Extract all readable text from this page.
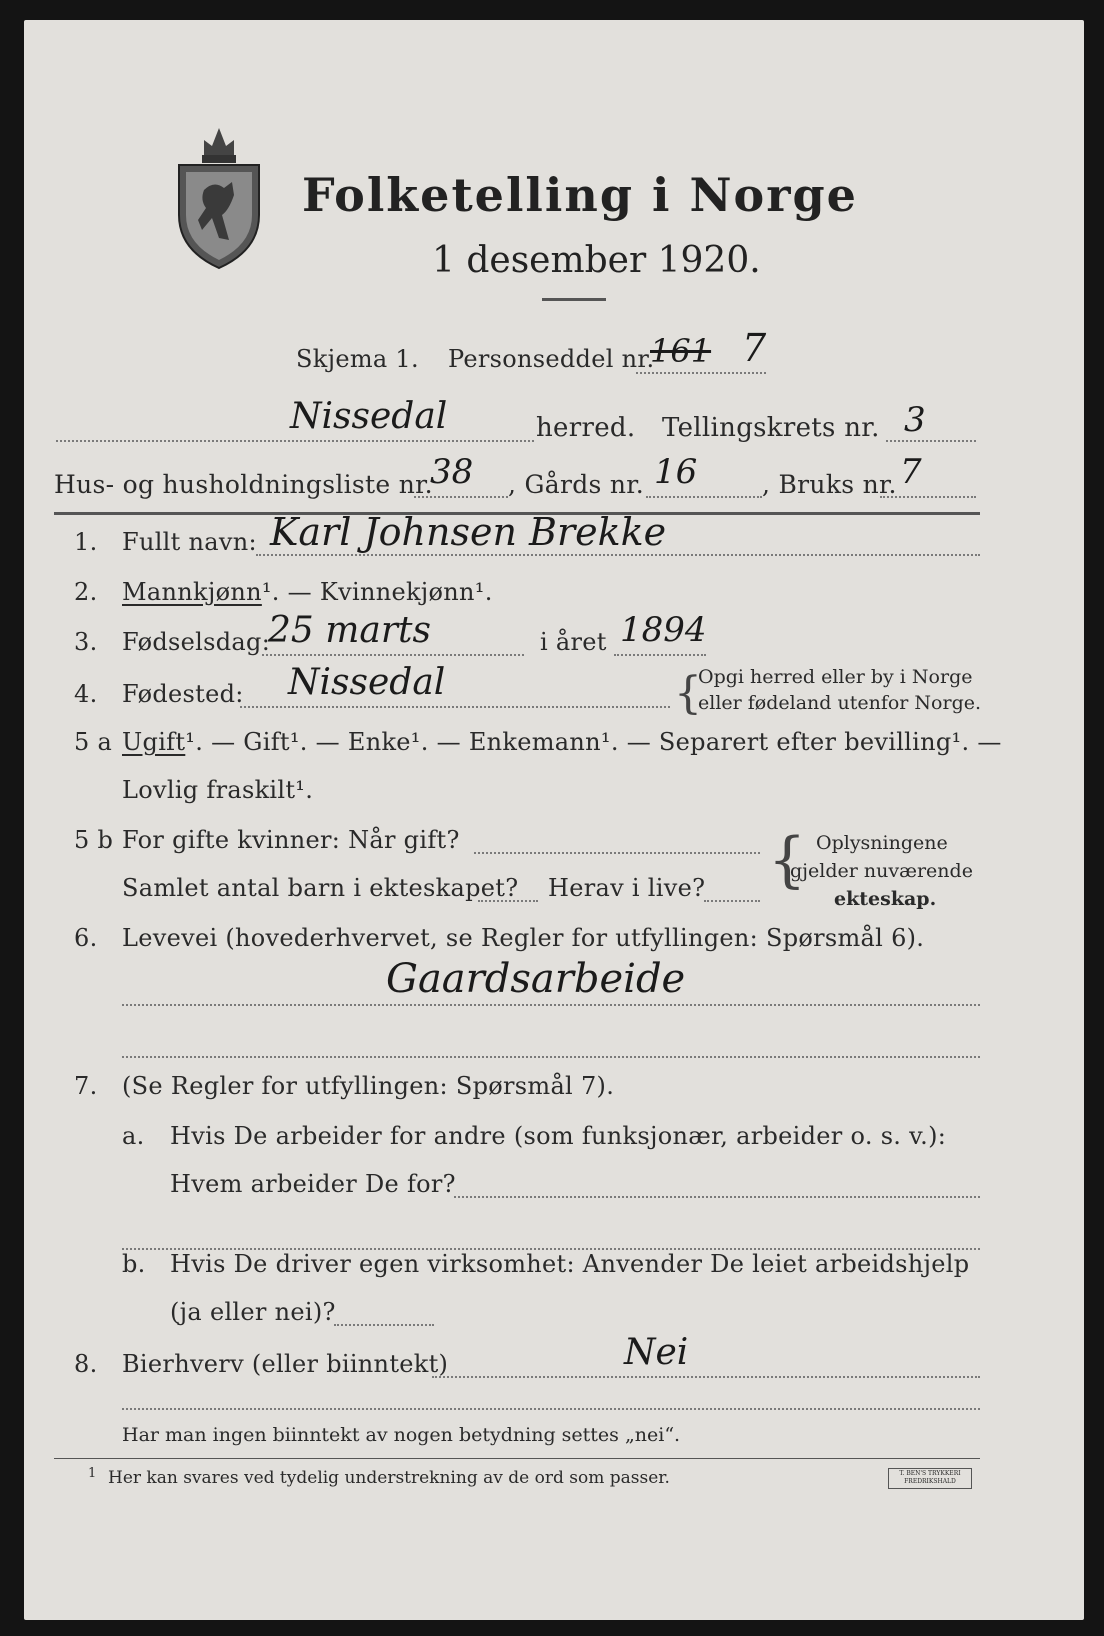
Folketelling i Norge
1 desember 1920.
Skjema 1. Personseddel nr.
161 7
Nissedal	herred. Tellingskrets nr. 3
Hus- og husholdningsliste nr.
38 , Gårds nr. 16	, Bruks nr. 7
1. Fullt navn: Karl Johnsen Brekke
2. Mannkjønn¹. — Kvinnekjønn¹.
3. Fødselsdag:
25 marts	i året 1894
4. Fødested: Nissedal	{
Opgi herred eller by i Norge
eller fødeland utenfor Norge.
5 a Ugift¹. — Gift¹. — Enke¹. — Enkemann¹. — Separert efter bevilling¹. —
Lovlig fraskilt¹.
5 b For gifte kvinner: Når gift?
Samlet antal barn i ekteskapet? Herav i live? { Oplysningene
gjelder nuværende
ekteskap.
6. Levevei (hovederhvervet, se Regler for utfyllingen: Spørsmål 6).
Gaardsarbeide
7. (Se Regler for utfyllingen: Spørsmål 7).
a. Hvis De arbeider for andre (som funksjonær, arbeider o. s. v.):
Hvem arbeider De for?
b. Hvis De driver egen virksomhet: Anvender De leiet arbeidshjelp
(ja eller nei)?
8. Bierhverv (eller biinntekt)	Nei
Har man ingen biinntekt av nogen betydning settes „nei“.
1 Her kan svares ved tydelig understrekning av de ord som passer.	T. BEN'S TRYKKERI
FREDRIKSHALD
